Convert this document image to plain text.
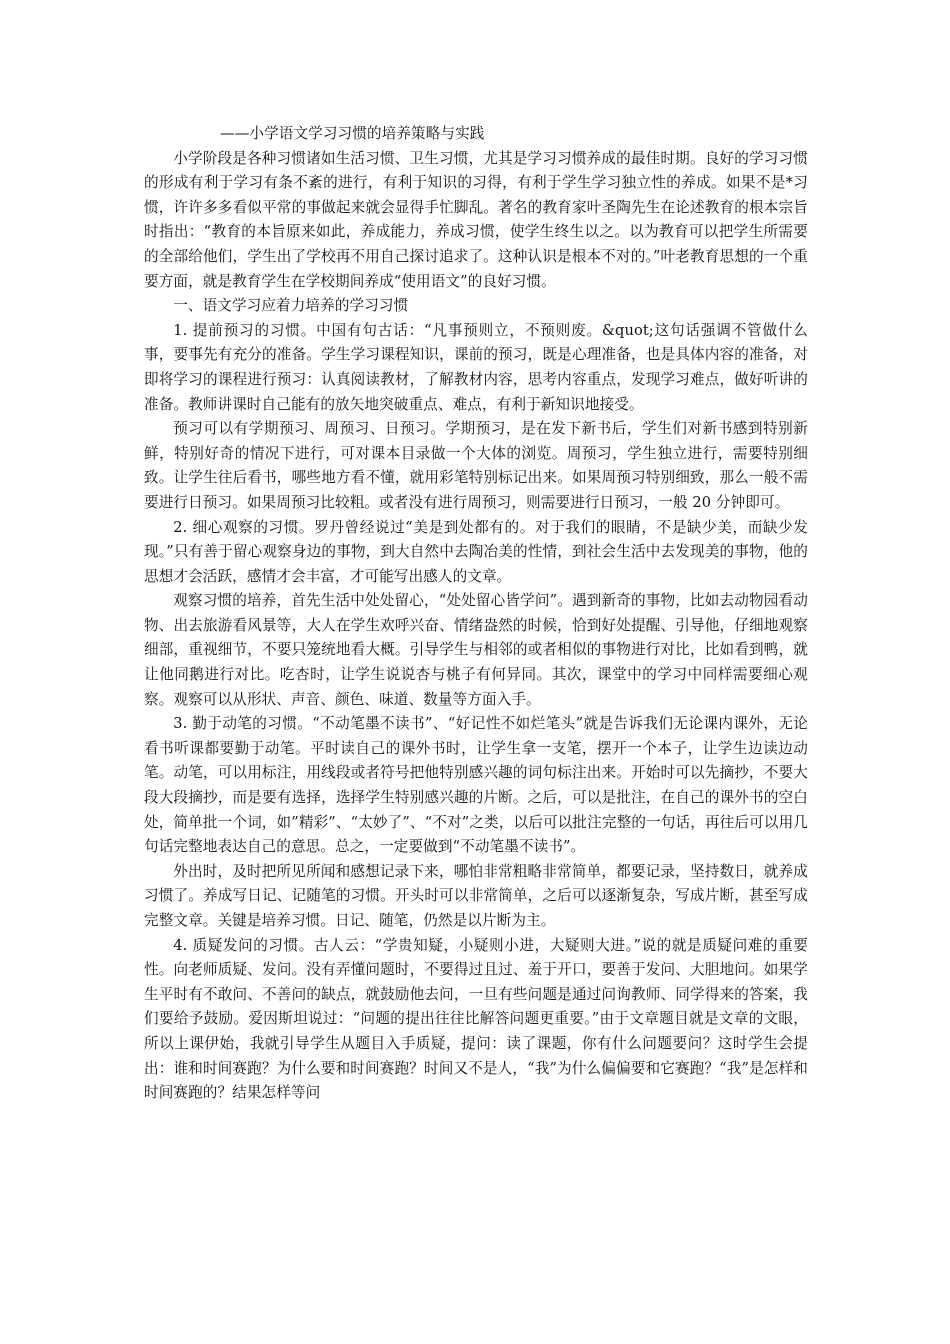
——小学语文学习习惯的培养策略与实践

小学阶段是各种习惯诸如生活习惯、卫生习惯，尤其是学习习惯养成的最佳时期。良好的学习习惯的形成有利于学习有条不紊的进行，有利于知识的习得，有利于学生学习独立性的养成。如果不是*习惯，许许多多看似平常的事做起来就会显得手忙脚乱。著名的教育家叶圣陶先生在论述教育的根本宗旨时指出：“教育的本旨原来如此，养成能力，养成习惯，使学生终生以之。以为教育可以把学生所需要的全部给他们，学生出了学校再不用自己探讨追求了。这种认识是根本不对的。”叶老教育思想的一个重要方面，就是教育学生在学校期间养成“使用语文”的良好习惯。

一、语文学习应着力培养的学习习惯

1. 提前预习的习惯。中国有句古话：“凡事预则立，不预则废。&quot;这句话强调不管做什么事，要事先有充分的准备。学生学习课程知识，课前的预习，既是心理准备，也是具体内容的准备，对即将学习的课程进行预习：认真阅读教材，了解教材内容，思考内容重点，发现学习难点，做好听讲的准备。教师讲课时自己能有的放矢地突破重点、难点，有利于新知识地接受。

预习可以有学期预习、周预习、日预习。学期预习，是在发下新书后，学生们对新书感到特别新鲜，特别好奇的情况下进行，可对课本目录做一个大体的浏览。周预习，学生独立进行，需要特别细致。让学生往后看书，哪些地方看不懂，就用彩笔特别标记出来。如果周预习特别细致，那么一般不需要进行日预习。如果周预习比较粗。或者没有进行周预习，则需要进行日预习，一般 20 分钟即可。

2. 细心观察的习惯。罗丹曾经说过“美是到处都有的。对于我们的眼睛，不是缺少美，而缺少发现。”只有善于留心观察身边的事物，到大自然中去陶冶美的性情，到社会生活中去发现美的事物，他的思想才会活跃，感情才会丰富，才可能写出感人的文章。

观察习惯的培养，首先生活中处处留心，“处处留心皆学问”。遇到新奇的事物，比如去动物园看动物、出去旅游看风景等，大人在学生欢呼兴奋、情绪盎然的时候，恰到好处提醒、引导他，仔细地观察细部，重视细节，不要只笼统地看大概。引导学生与相邻的或者相似的事物进行对比，比如看到鸭，就让他同鹅进行对比。吃杏时，让学生说说杏与桃子有何异同。其次，课堂中的学习中同样需要细心观察。观察可以从形状、声音、颜色、味道、数量等方面入手。

3. 勤于动笔的习惯。“不动笔墨不读书”、“好记性不如烂笔头”就是告诉我们无论课内课外，无论看书听课都要勤于动笔。平时读自己的课外书时，让学生拿一支笔，摆开一个本子，让学生边读边动笔。动笔，可以用标注，用线段或者符号把他特别感兴趣的词句标注出来。开始时可以先摘抄，不要大段大段摘抄，而是要有选择，选择学生特别感兴趣的片断。之后，可以是批注，在自己的课外书的空白处，简单批一个词，如”精彩”、“太妙了”、“不对”之类，以后可以批注完整的一句话，再往后可以用几句话完整地表达自己的意思。总之，一定要做到“不动笔墨不读书”。

外出时，及时把所见所闻和感想记录下来，哪怕非常粗略非常简单，都要记录，坚持数日，就养成习惯了。养成写日记、记随笔的习惯。开头时可以非常简单，之后可以逐渐复杂，写成片断，甚至写成完整文章。关键是培养习惯。日记、随笔，仍然是以片断为主。

4. 质疑发问的习惯。古人云：“学贵知疑，小疑则小进，大疑则大进。”说的就是质疑问难的重要性。向老师质疑、发问。没有弄懂问题时，不要得过且过、羞于开口，要善于发问、大胆地问。如果学生平时有不敢问、不善问的缺点，就鼓励他去问，一旦有些问题是通过问询教师、同学得来的答案，我们要给予鼓励。爱因斯坦说过：“问题的提出往往比解答问题更重要。”由于文章题目就是文章的文眼，所以上课伊始，我就引导学生从题目入手质疑，提问：读了课题，你有什么问题要问？这时学生会提出：谁和时间赛跑？为什么要和时间赛跑？时间又不是人，“我”为什么偏偏要和它赛跑？“我”是怎样和时间赛跑的？结果怎样等问
